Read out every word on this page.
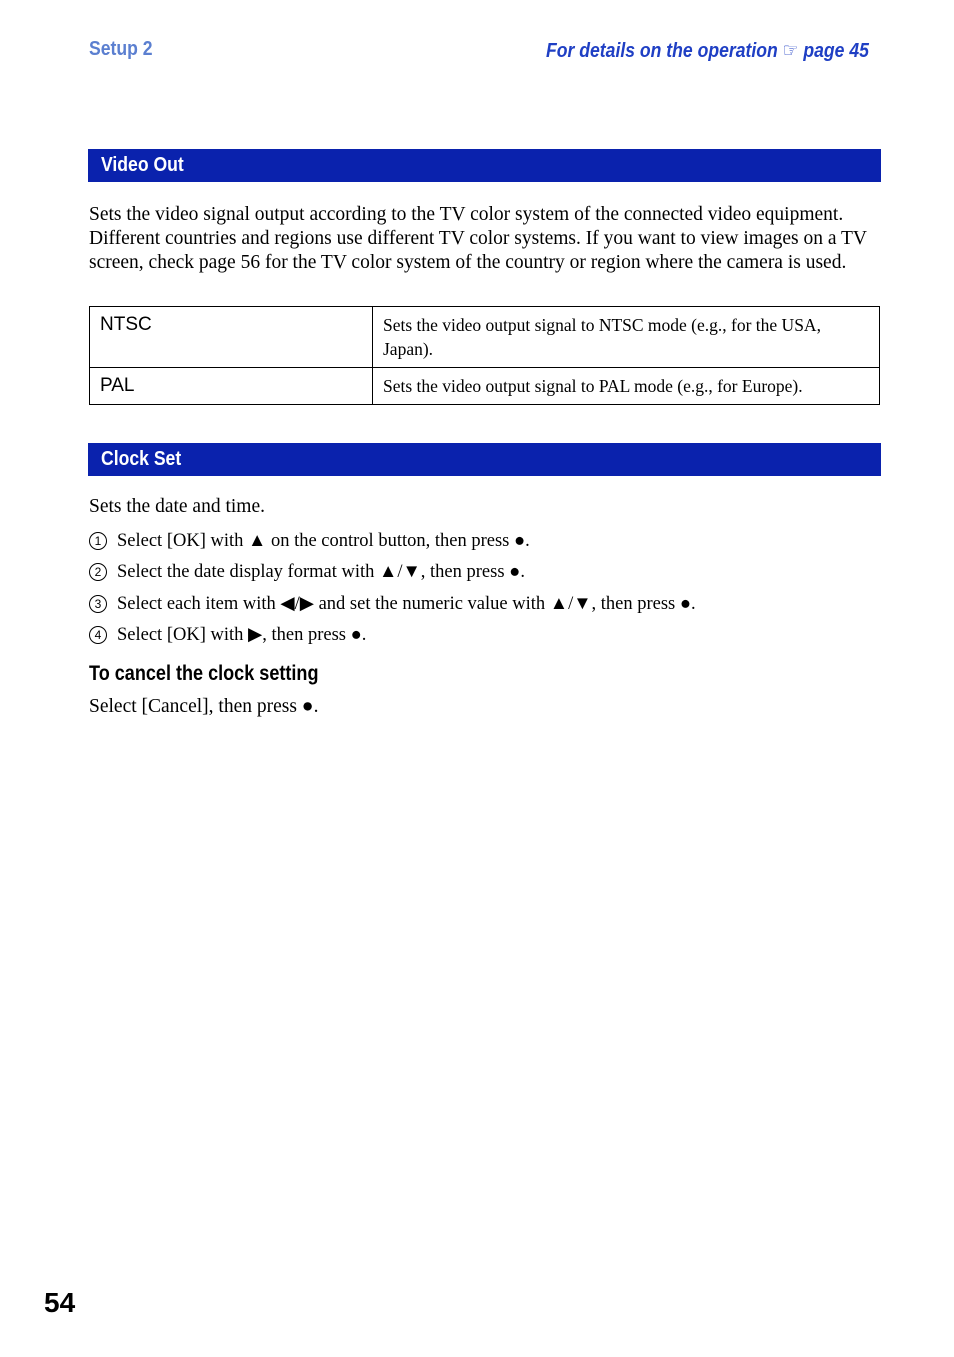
Setup 2	For details on the operation ☞ page 45
Video Out
Sets the video signal output according to the TV color system of the connected video equipment. Different countries and regions use different TV color systems. If you want to view images on a TV screen, check page 56 for the TV color system of the country or region where the camera is used.
NTSC	Sets the video output signal to NTSC mode (e.g., for the USA, Japan).
PAL	Sets the video output signal to PAL mode (e.g., for Europe).
Clock Set
Sets the date and time.
1 Select [OK] with ▲ on the control button, then press ●.
2 Select the date display format with ▲/▼, then press ●.
3 Select each item with ◀/▶ and set the numeric value with ▲/▼, then press ●.
4 Select [OK] with ▶, then press ●.
To cancel the clock setting
Select [Cancel], then press ●.
54
